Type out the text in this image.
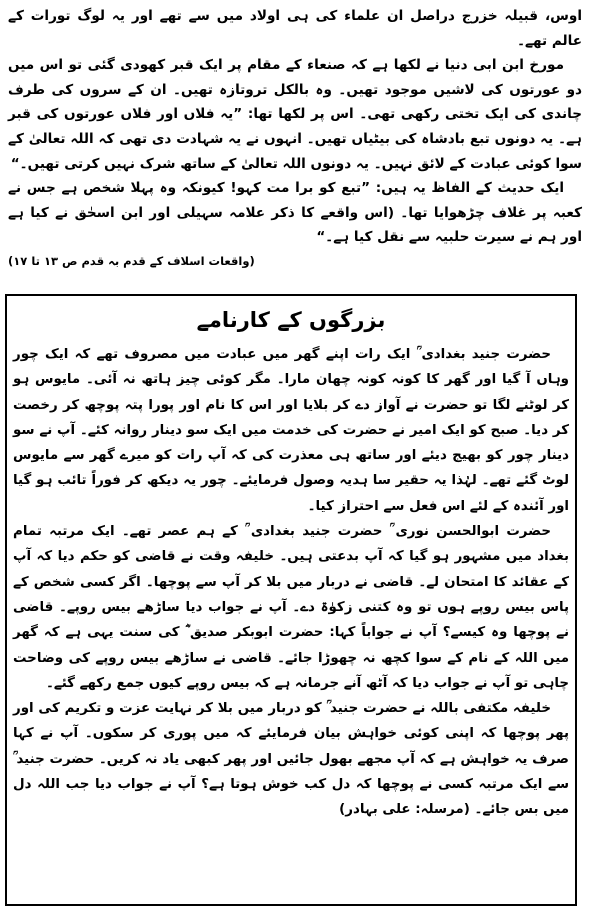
اوس، قبیلہ خزرج دراصل ان علماء کی ہی اولاد میں سے تھے اور یہ لوگ تورات کے عالم تھے۔

مورخ ابن ابی دنیا نے لکھا ہے کہ صنعاء کے مقام پر ایک قبر کھودی گئی تو اس میں دو عورتوں کی لاشیں موجود تھیں۔ وہ بالکل تروتازہ تھیں۔ ان کے سروں کی طرف چاندی کی ایک تختی رکھی تھی۔ اس پر لکھا تھا: ”یہ فلاں اور فلاں عورتوں کی قبر ہے۔ یہ دونوں تبع بادشاہ کی بیٹیاں تھیں۔ انہوں نے یہ شہادت دی تھی کہ اللہ تعالیٰ کے سوا کوئی عبادت کے لائق نہیں۔ یہ دونوں اللہ تعالیٰ کے ساتھ شرک نہیں کرتی تھیں۔“

ایک حدیث کے الفاظ یہ ہیں: ”تبع کو برا مت کہو! کیونکہ وہ پہلا شخص ہے جس نے کعبہ پر غلاف چڑھوایا تھا۔ (اس واقعے کا ذکر علامہ سہیلی اور ابن اسحٰق نے کیا ہے اور ہم نے سیرت حلبیہ سے نقل کیا ہے۔“

(واقعات اسلاف کے قدم بہ قدم ص ۱۳ تا ۱۷)

بزرگوں کے کارنامے

حضرت جنید بغدادی ؒ ایک رات اپنے گھر میں عبادت میں مصروف تھے کہ ایک چور وہاں آ گیا اور گھر کا کونہ کونہ چھان مارا۔ مگر کوئی چیز ہاتھ نہ آئی۔ مایوس ہو کر لوٹنے لگا تو حضرت نے آواز دے کر بلایا اور اس کا نام اور پورا پتہ پوچھ کر رخصت کر دیا۔ صبح کو ایک امیر نے حضرت کی خدمت میں ایک سو دینار روانہ کئے۔ آپ نے سو دینار چور کو بھیج دیئے اور ساتھ ہی معذرت کی کہ آپ رات کو میرے گھر سے مایوس لوٹ گئے تھے۔ لہٰذا یہ حقیر سا ہدیہ وصول فرمایئے۔ چور یہ دیکھ کر فوراً تائب ہو گیا اور آئندہ کے لئے اس فعل سے احتراز کیا۔

حضرت ابوالحسن نوری ؒ حضرت جنید بغدادی ؒ کے ہم عصر تھے۔ ایک مرتبہ تمام بغداد میں مشہور ہو گیا کہ آپ بدعتی ہیں۔ خلیفہ وقت نے قاضی کو حکم دیا کہ آپ کے عقائد کا امتحان لے۔ قاضی نے دربار میں بلا کر آپ سے پوچھا۔ اگر کسی شخص کے پاس بیس روپے ہوں تو وہ کتنی زکوٰۃ دے۔ آپ نے جواب دیا ساڑھے بیس روپے۔ قاضی نے پوچھا وہ کیسے؟ آپ نے جواباً کہا: حضرت ابوبکر صدیق ؓ کی سنت یہی ہے کہ گھر میں اللہ کے نام کے سوا کچھ نہ چھوڑا جائے۔ قاضی نے ساڑھے بیس روپے کی وضاحت چاہی تو آپ نے جواب دیا کہ آٹھ آنے جرمانہ ہے کہ بیس روپے کیوں جمع رکھے گئے۔

خلیفہ مکتفی باللہ نے حضرت جنید ؒ کو دربار میں بلا کر نہایت عزت و تکریم کی اور پھر پوچھا کہ اپنی کوئی خواہش بیان فرمایئے کہ میں پوری کر سکوں۔ آپ نے کہا صرف یہ خواہش ہے کہ آپ مجھے بھول جائیں اور پھر کبھی یاد نہ کریں۔ حضرت جنید ؒ سے ایک مرتبہ کسی نے پوچھا کہ دل کب خوش ہوتا ہے؟ آپ نے جواب دیا جب اللہ دل میں بس جائے۔ (مرسلہ: علی بہادر)
